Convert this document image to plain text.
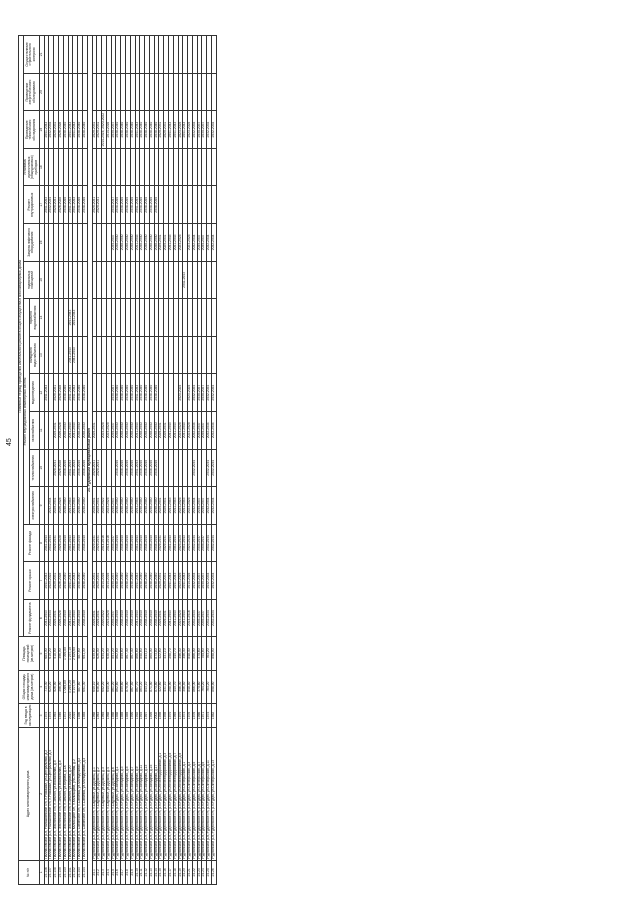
45
№ п/п	Адрес многоквартирного дома	Год ввода в эксплуатацию	Общая площадь многоквартирного дома (кв.метров)	Площадь помещений (кв.метров)	Плановый период проведения капитального ремонта общего имущества в многоквартирных домах															
					Ремонт фундамента	Ремонт крыши	Ремонт фасада	Ремонт внутридомовых инженерных систем						подвальных помещений	Замена лифтового оборудования	Ремонт внутридомовых	Установка коллективных (общедомовых) приборов	Проведение технического обследования	Проведение энергетического обследования	Осуществление строительного контроля
								электроснабжения	теплоснабжения	газоснабжения	водоотведения	холодного водоснабжения	горячего водоснабжения							
1	2	3	4	5	6	7	8	9	10	11	12	13	14	15	16	17	18	19	20	21
23.136	Палласовский р-н, Ромашкинское с/п, п.Ромашки, ул.Центральная, д.2	1975	713,30	683,00	2041-2043	2041-2043	2041-2043				2041-2043					2041-2043		2041-2043		
23.137	Палласовский р-н, Ромашкинское с/п, п.Ромашки, ул.Центральная, д.4	1975	625,20	619,20	2032-2034	2020-2022	2032-2034	2032-2034								2032-2034		2032-2034		
23.138	Палласовский р-н, Эльтонское с/п, п.Эльтон, ул.Вокзальная, д.5	1964	926,90	918,90	2029-2031	2029-2031	2029-2031	2029-2031	2029-2031	2029-2031	2029-2031					2029-2031		2029-2031		
23.139	Палласовский р-н, Эльтонское с/п, п.Эльтон, ул.Вокзальная, д.8	1946	396,90	396,90	2026-2028	2026-2028	2026-2028	2026-2028	2026-2028	2026-2028	2026-2028					2026-2028		2026-2028		
23.140	Палласовский р-н, Эльтонское с/п, п.Эльтон, ул.Кирова, д.1а	1972	1 099,80	1 099,80	2038-2040	2038-2040	2038-2040	2038-2040	2038-2040	2038-2040	2038-2040					2038-2040		2038-2040		
23.141	Палласовский р-н, Эльтонское с/п, п.Эльтон, ул.Кирова, д.20	2010	3 295,20	1 237,10	2041-2043	2041-2043	2041-2043	2041-2043	2041-2043	2041-2043	2041-2043	2041-2043	2041-2043			2041-2043		2041-2043		
23.142	Палласовский р-н, Калмыцкое с/п, п.Калмыцкий, ул.Степная, д.2	2010	3 107,30	2 629,60	2041-2043	2041-2043	2041-2043	2041-2043	2041-2043	2041-2043	2041-2043	2041-2043	2041-2043			2041-2043		2041-2043		
23.143	Палласовский р-н, Савинское с/п, с.Савинка, ул.Молодёжная, д.2	1986	587,60	587,60	2038-2040	2038-2040	2038-2040	2038-2040	2038-2040	2038-2040	2038-2040					2038-2040		2038-2040		
23.144	Палласовский р-н, Савинское с/п, с.Савинка, ул.Молодёжная, д.3	1985	601,30	601,30	2038-2040	2038-2040	2038-2040	2038-2040	2038-2040	2038-2040	2038-2040					2038-2040		2038-2040		
24. Руднянский муниципальный район																				
24.1	Руднянский р-н, Руднянское г/п, п.Садовый, ул.Дружбы, д.1	1968	649,10	639,60	2029-2031	2029-2031	2029-2031	2029-2031	2029-2031	2029-2031						2029-2031		2029-2031		
24.2	Руднянский р-н, Руднянское г/п, п.Садовый, ул.Дружбы, д.2	1963	636,80	626,50	2029-2031	2029-2031	2029-2031	2029-2031	2029-2031							2029-2031		2029-2031		
24.3	Руднянский р-н, Руднянское г/п, п.Садовый, ул.Дружбы, д.3	1965	652,20	634,20	2020-2022	2014-2016	2014-2016	2020-2022		2023-2025								2014-2016, 2020-2022		
24.4	Руднянский р-н, Руднянское г/п, п.Садовый, ул.Дружбы, д.4	1968	645,00	638,30	2023-2025	2014-2016	2014-2016	2023-2025		2023-2025								2014-2016		
24.5	Руднянский р-н, Руднянское г/п, п.Садовый, ул.Дружбы, д.6	1988	861,20	851,20	2035-2037	2035-2037	2035-2037	2035-2037		2035-2037	2035-2037				2035-2037	2035-2037		2035-2037		
24.6	Руднянский р-н, Руднянское г/п, р.п.Рудня, ул.Западная, д.1	1988	862,60	862,60	2038-2040	2038-2040	2038-2040	2038-2040	2038-2040	2038-2040	2038-2040				2038-2040	2038-2040		2038-2040		
24.7	Руднянский р-н, Руднянское г/п, р.п.Рудня, ул.Западная, д.3	1989	859,60	859,60	2038-2040	2038-2040	2038-2040	2038-2040	2038-2040	2038-2040	2038-2040				2038-2040	2038-2040		2038-2040		
24.8	Руднянский р-н, Руднянское г/п, р.п.Рудня, ул.Западная, д.5	1989	879,90	867,40	2038-2040	2038-2040	2038-2040	2038-2040	2038-2040	2038-2040	2038-2040				2038-2040	2038-2040		2038-2040		
24.9	Руднянский р-н, Руднянское г/п, р.п.Рудня, ул.Западная, д.7	1990	867,40	867,40	2038-2040	2038-2040	2038-2040	2038-2040	2038-2040	2038-2040	2038-2040				2038-2040	2038-2040		2038-2040		
24.10	Руднянский р-н, Руднянское г/п, р.п.Рудня, ул.Западная, д.9	1992	867,70	866,60	2041-2043	2041-2043	2041-2043	2041-2043	2041-2043	2041-2043	2041-2043				2041-2043	2041-2043		2041-2043		
24.11	Руднянский р-н, Руднянское г/п, р.п.Рудня, ул.Западная, д.11	1993	863,20	858,60	2038-2040	2038-2040	2038-2040	2038-2040	2038-2040	2038-2040	2038-2040				2038-2040	2038-2040		2038-2040		
24.12	Руднянский р-н, Руднянское г/п, р.п.Рудня, ул.Западная, д.13	1997	843,10	843,10	2038-2040	2038-2040	2038-2040	2038-2040	2038-2040	2038-2040	2038-2040				2038-2040	2038-2040		2038-2040		
24.13	Руднянский р-н, Руднянское г/п, р.п.Рудня, ул.Западная, д.15	1999	871,50	869,00	2038-2040	2038-2040	2038-2040	2038-2040	2038-2040	2038-2040	2038-2040				2038-2040	2038-2040		2038-2040		
24.14	Руднянский р-н, Руднянское г/п, р.п.Рудня, ул.Западная, д.17	2002	873,80	873,80	2038-2040	2038-2040	2038-2040	2038-2040	2038-2040	2038-2040	2038-2040				2038-2040	2038-2040		2038-2040		
24.15	Руднянский р-н, Руднянское г/п, р.п.Рудня, ул.Железнодорожная, д.1	1959	422,60	422,60	2029-2031	2029-2031	2029-2031	2029-2031		2029-2031					2029-2031			2029-2031		
24.16	Руднянский р-н, Руднянское г/п, р.п.Рудня, ул.Железнодорожная, д.3	1959	431,10	431,10	2029-2031	2029-2031	2029-2031	2029-2031		2029-2031					2029-2031			2029-2031		
24.17	Руднянский р-н, Руднянское г/п, р.п.Рудня, ул.Железнодорожная, д.5	1970	298,90	298,70	2041-2043	2041-2043	2041-2043	2041-2043		2041-2043					2041-2043			2041-2043		
24.18	Руднянский р-н, Руднянское г/п, р.п.Рудня, ул.Железнодорожная, д.7	1969	440,70	440,70	2041-2043	2041-2043	2041-2043	2041-2043		2041-2043					2041-2043			2041-2043		
24.19	Руднянский р-н, Руднянское г/п, р.п.Рудня, ул.Железнодорожная, д.9	1970	356,30	356,30	2023-2025	2023-2025	2023-2025	2023-2025		2023-2025	2023-2025				2023-2025			2023-2025		
24.20	Руднянский р-н, Руднянское г/п, р.п.Рудня, ул.Октябрьская, д.1	1974	356,40	356,40	2041-2043	2041-2043	2041-2043	2041-2043		2041-2043				2041-2043				2041-2043		
24.21	Руднянский р-н, Руднянское г/п, р.п.Рудня, ул.Октябрьская, д.3	1976	848,40	848,40	2014-2016	2014-2016	2023-2025	2023-2025		2023-2025	2023-2025				2023-2025			2023-2025		
24.22	Руднянский р-н, Руднянское г/п, р.п.Рудня, ул.Октябрьская, д.5	1976	866,00	866,00	2032-2034	2032-2034	2032-2034	2032-2034	2032-2034	2032-2034	2032-2034				2032-2034			2032-2034		
24.23	Руднянский р-н, Руднянское г/п, р.п.Рудня, ул.Октябрьская, д.7	1966	375,60	375,60	2035-2037	2035-2037	2035-2037	2035-2037		2035-2037	2035-2037				2035-2037			2035-2037		
24.24	Руднянский р-н, Руднянское г/п, р.п.Рудня, ул.Октябрьская, д.9	1971	764,20	705,60	2035-2037	2035-2037	2035-2037	2035-2037		2035-2037	2035-2037				2035-2037			2035-2037		
24.25	Руднянский р-н, Руднянское г/п, р.п.Рудня, ул.Октябрьская, д.11	1975	763,20	763,20	2032-2034	2032-2034	2032-2034	2032-2034	2032-2034	2032-2034	2032-2034				2032-2034			2032-2034		
24.26	Руднянский р-н, Руднянское г/п, р.п.Рудня, ул.Октябрьская, д.13	1982	898,90	898,90	2032-2034	2032-2034	2032-2034	2032-2034	2032-2034	2032-2034	2032-2034				2032-2034			2032-2034		
